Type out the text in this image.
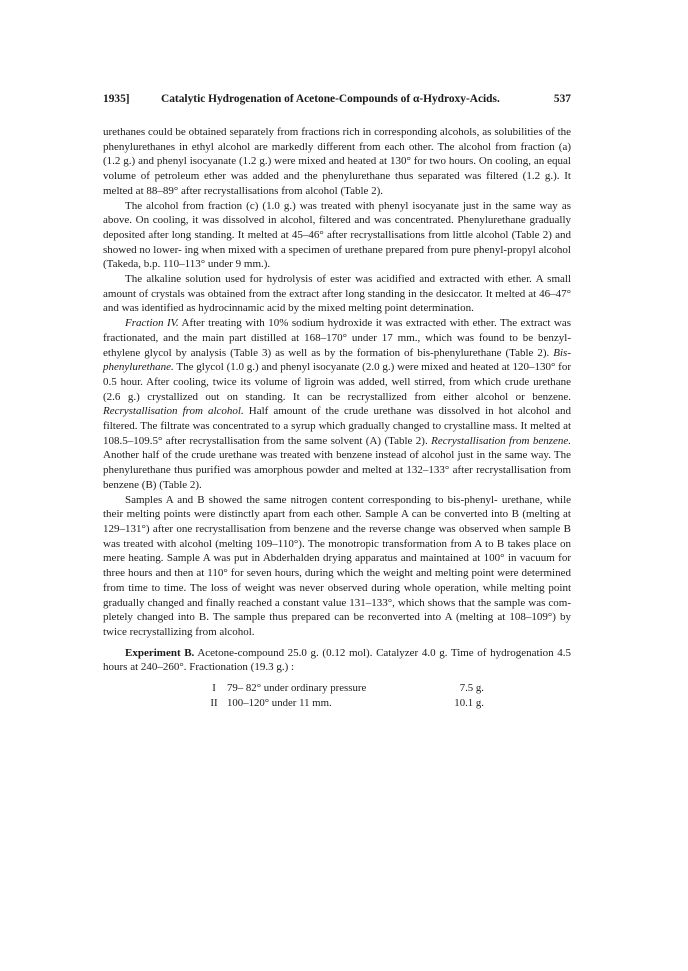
1935]	Catalytic Hydrogenation of Acetone-Compounds of α-Hydroxy-Acids.	537

urethanes could be obtained separately from fractions rich in corresponding alcohols, as solubilities of the phenylurethanes in ethyl alcohol are markedly different from each other. The alcohol from fraction (a) (1.2 g.) and phenyl isocyanate (1.2 g.) were mixed and heated at 130° for two hours. On cooling, an equal volume of petroleum ether was added and the phenylurethane thus separated was filtered (1.2 g.). It melted at 88–89° after recrystallisations from alcohol (Table 2).

The alcohol from fraction (c) (1.0 g.) was treated with phenyl isocyanate just in the same way as above. On cooling, it was dissolved in alcohol, filtered and was concentrated. Phenylurethane gradually deposited after long standing. It melted at 45–46° after recrystallisations from little alcohol (Table 2) and showed no lower- ing when mixed with a specimen of urethane prepared from pure phenyl-propyl alcohol (Takeda, b.p. 110–113° under 9 mm.).

The alkaline solution used for hydrolysis of ester was acidified and extracted with ether. A small amount of crystals was obtained from the extract after long standing in the desiccator. It melted at 46–47° and was identified as hydrocinnamic acid by the mixed melting point determination.

Fraction IV. After treating with 10% sodium hydroxide it was extracted with ether. The extract was fractionated, and the main part distilled at 168–170° under 17 mm., which was found to be benzyl-ethylene glycol by analysis (Table 3) as well as by the formation of bis-phenylurethane (Table 2). Bis-phenylurethane. The glycol (1.0 g.) and phenyl isocyanate (2.0 g.) were mixed and heated at 120–130° for 0.5 hour. After cooling, twice its volume of ligroin was added, well stirred, from which crude urethane (2.6 g.) crystallized out on standing. It can be recrystallized from either alcohol or benzene. Recrystallisation from alcohol. Half amount of the crude urethane was dissolved in hot alcohol and filtered. The filtrate was concentrated to a syrup which gradually changed to crystalline mass. It melted at 108.5–109.5° after recrystallisation from the same solvent (A) (Table 2). Recrystallisation from benzene. Another half of the crude urethane was treated with benzene instead of alcohol just in the same way. The phenylurethane thus purified was amorphous powder and melted at 132–133° after recrystallisation from benzene (B) (Table 2).

Samples A and B showed the same nitrogen content corresponding to bis-phenyl- urethane, while their melting points were distinctly apart from each other. Sample A can be converted into B (melting at 129–131°) after one recrystallisation from benzene and the reverse change was observed when sample B was treated with alcohol (melting 109–110°). The monotropic transformation from A to B takes place on mere heating. Sample A was put in Abderhalden drying apparatus and maintained at 100° in vacuum for three hours and then at 110° for seven hours, during which the weight and melting point were determined from time to time. The loss of weight was never observed during whole operation, while melting point gradually changed and finally reached a constant value 131–133°, which shows that the sample was com- pletely changed into B. The sample thus prepared can be reconverted into A (melting at 108–109°) by twice recrystallizing from alcohol.

Experiment B. Acetone-compound 25.0 g. (0.12 mol). Catalyzer 4.0 g. Time of hydrogenation 4.5 hours at 240–260°. Fractionation (19.3 g.) :

I	79– 82° under ordinary pressure	7.5 g.
II 100–120° under 11 mm.	10.1 g.
